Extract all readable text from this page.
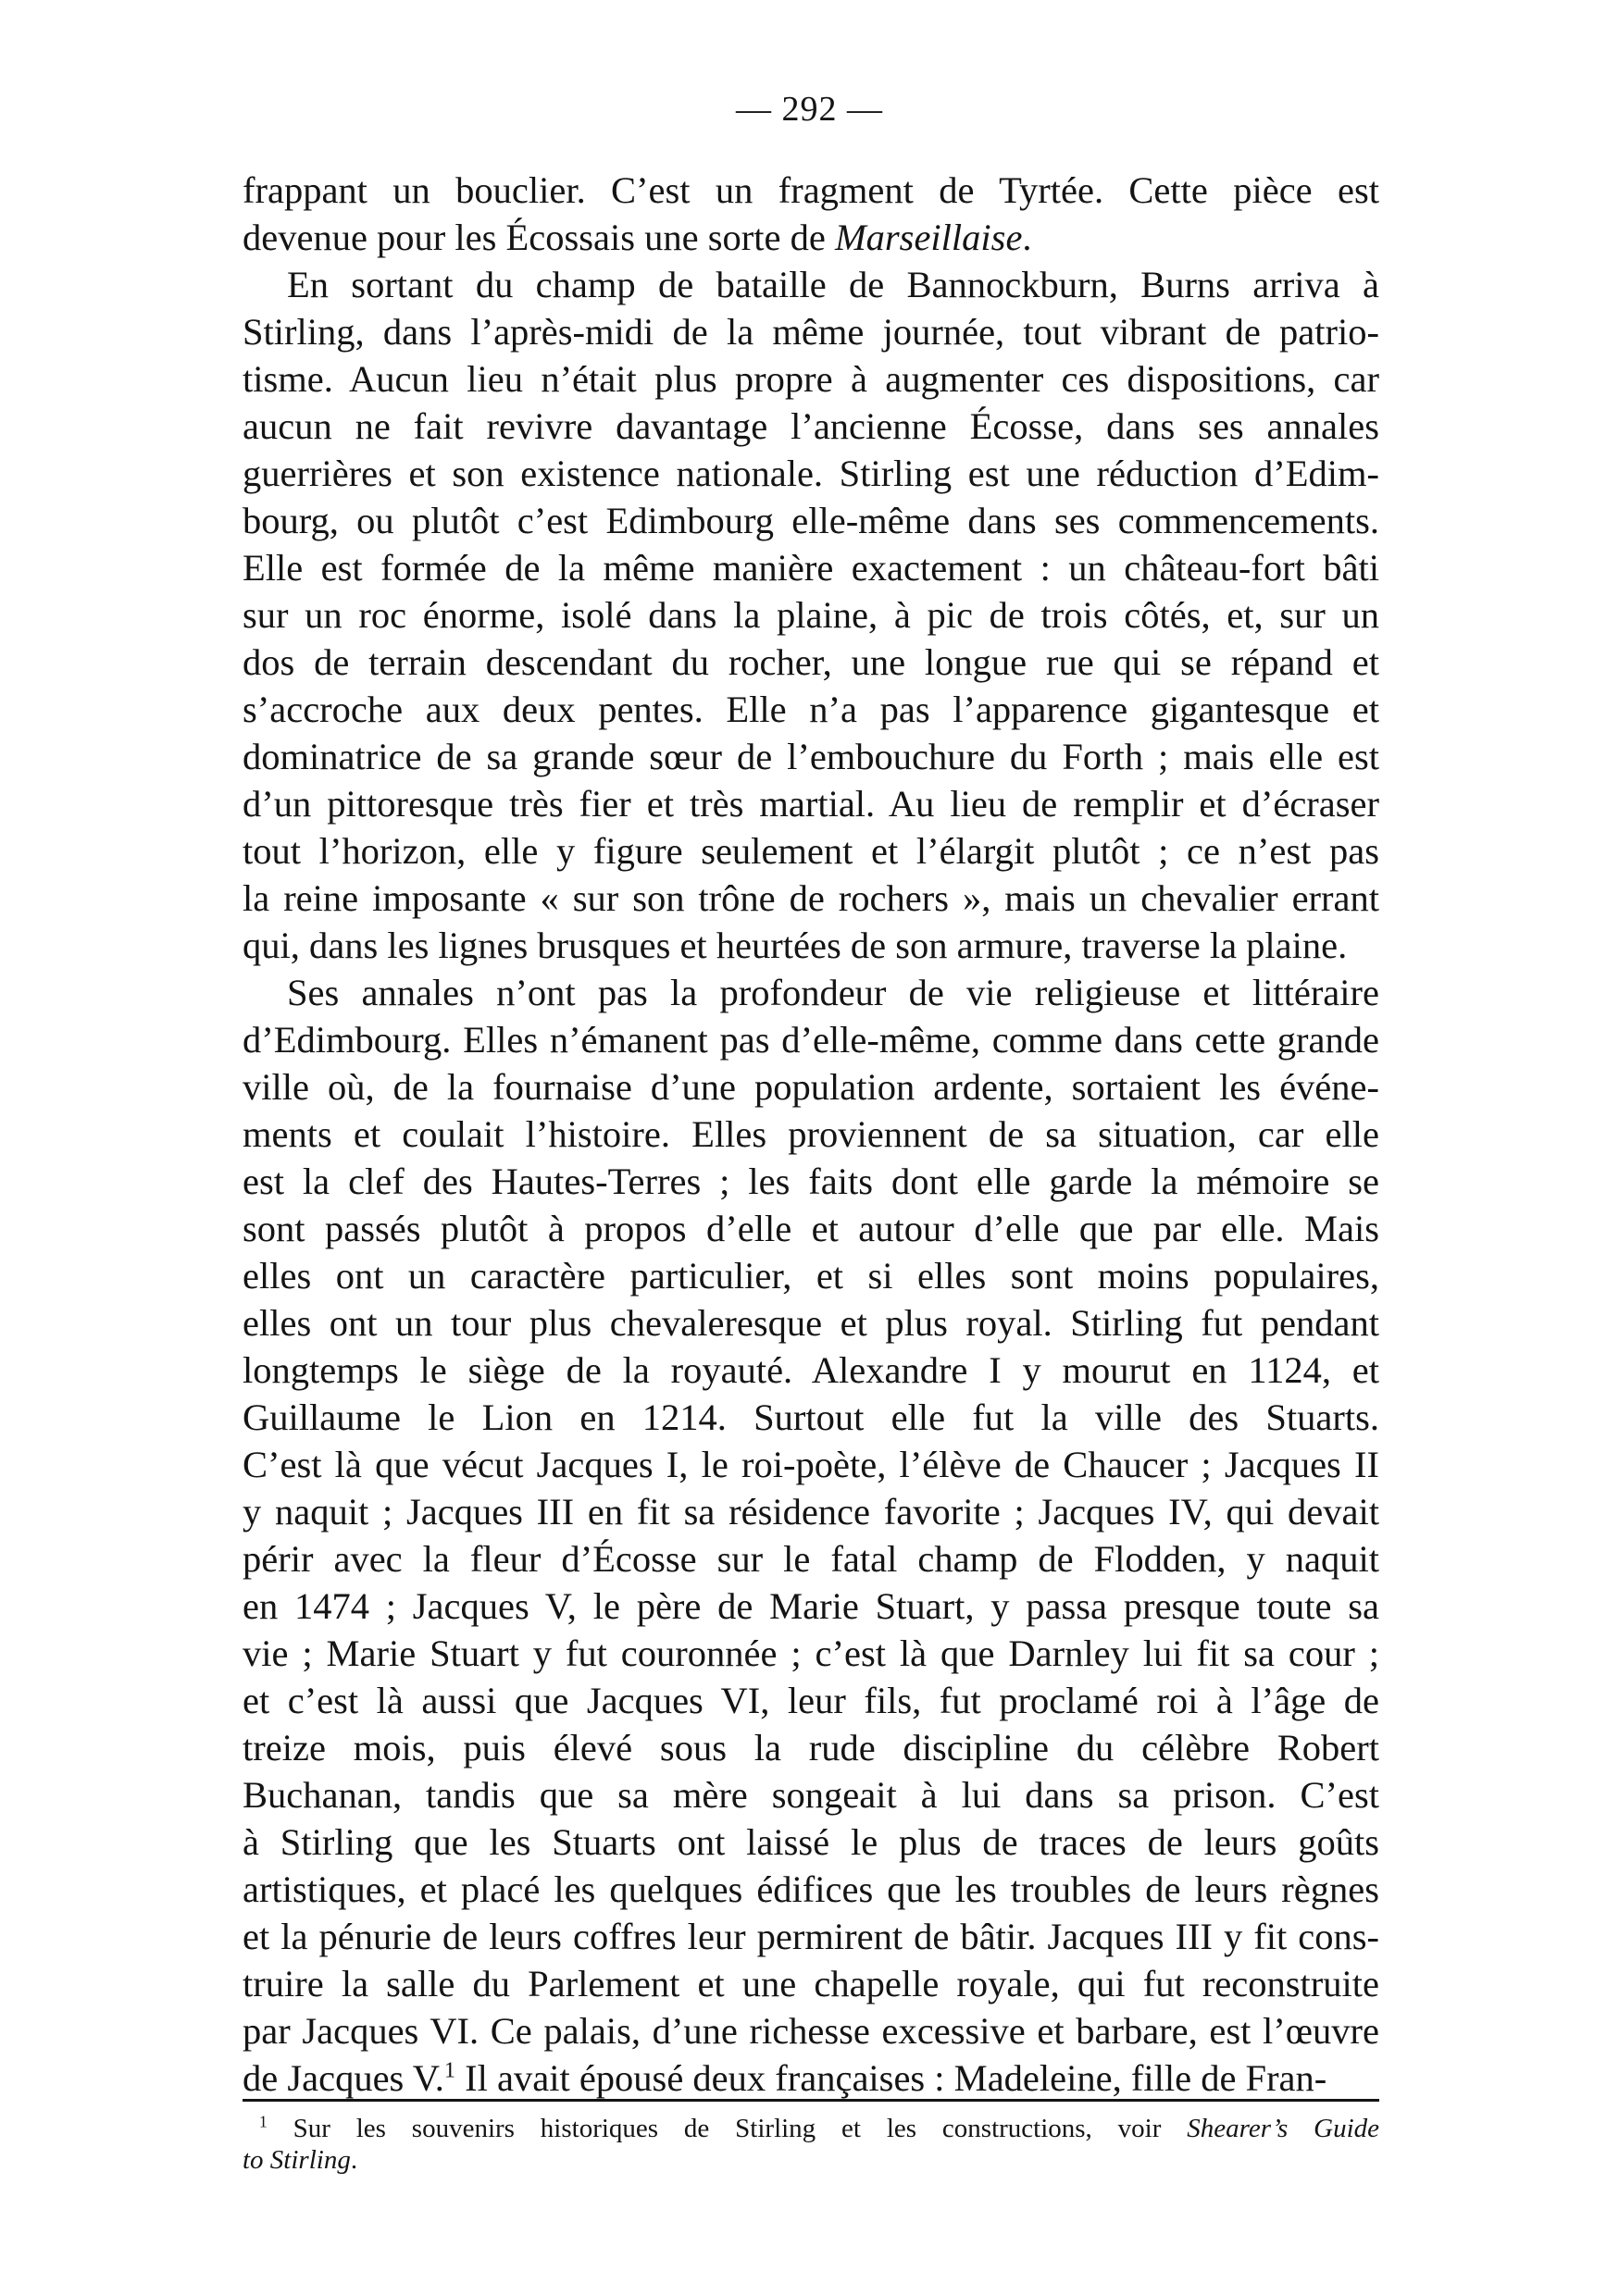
— 292 —
frappant un bouclier. C’est un fragment de Tyrtée. Cette pièce est
devenue pour les Écossais une sorte de Marseillaise.
En sortant du champ de bataille de Bannockburn, Burns arriva à
Stirling, dans l’après-midi de la même journée, tout vibrant de patrio-
tisme. Aucun lieu n’était plus propre à augmenter ces dispositions, car
aucun ne fait revivre davantage l’ancienne Écosse, dans ses annales
guerrières et son existence nationale. Stirling est une réduction d’Edim-
bourg, ou plutôt c’est Edimbourg elle-même dans ses commencements.
Elle est formée de la même manière exactement : un château-fort bâti
sur un roc énorme, isolé dans la plaine, à pic de trois côtés, et, sur un
dos de terrain descendant du rocher, une longue rue qui se répand et
s’accroche aux deux pentes. Elle n’a pas l’apparence gigantesque et
dominatrice de sa grande sœur de l’embouchure du Forth ; mais elle est
d’un pittoresque très fier et très martial. Au lieu de remplir et d’écraser
tout l’horizon, elle y figure seulement et l’élargit plutôt ; ce n’est pas
la reine imposante « sur son trône de rochers », mais un chevalier errant
qui, dans les lignes brusques et heurtées de son armure, traverse la plaine.
Ses annales n’ont pas la profondeur de vie religieuse et littéraire
d’Edimbourg. Elles n’émanent pas d’elle-même, comme dans cette grande
ville où, de la fournaise d’une population ardente, sortaient les événe-
ments et coulait l’histoire. Elles proviennent de sa situation, car elle
est la clef des Hautes-Terres ; les faits dont elle garde la mémoire se
sont passés plutôt à propos d’elle et autour d’elle que par elle. Mais
elles ont un caractère particulier, et si elles sont moins populaires,
elles ont un tour plus chevaleresque et plus royal. Stirling fut pendant
longtemps le siège de la royauté. Alexandre I y mourut en 1124, et
Guillaume le Lion en 1214. Surtout elle fut la ville des Stuarts.
C’est là que vécut Jacques I, le roi-poète, l’élève de Chaucer ; Jacques II
y naquit ; Jacques III en fit sa résidence favorite ; Jacques IV, qui devait
périr avec la fleur d’Écosse sur le fatal champ de Flodden, y naquit
en 1474 ; Jacques V, le père de Marie Stuart, y passa presque toute sa
vie ; Marie Stuart y fut couronnée ; c’est là que Darnley lui fit sa cour ;
et c’est là aussi que Jacques VI, leur fils, fut proclamé roi à l’âge de
treize mois, puis élevé sous la rude discipline du célèbre Robert
Buchanan, tandis que sa mère songeait à lui dans sa prison. C’est
à Stirling que les Stuarts ont laissé le plus de traces de leurs goûts
artistiques, et placé les quelques édifices que les troubles de leurs règnes
et la pénurie de leurs coffres leur permirent de bâtir. Jacques III y fit cons-
truire la salle du Parlement et une chapelle royale, qui fut reconstruite
par Jacques VI. Ce palais, d’une richesse excessive et barbare, est l’œuvre
de Jacques V.$^1$ Il avait épousé deux françaises : Madeleine, fille de Fran-
$^1$ Sur les souvenirs historiques de Stirling et les constructions, voir Shearer’s Guide
to Stirling.
